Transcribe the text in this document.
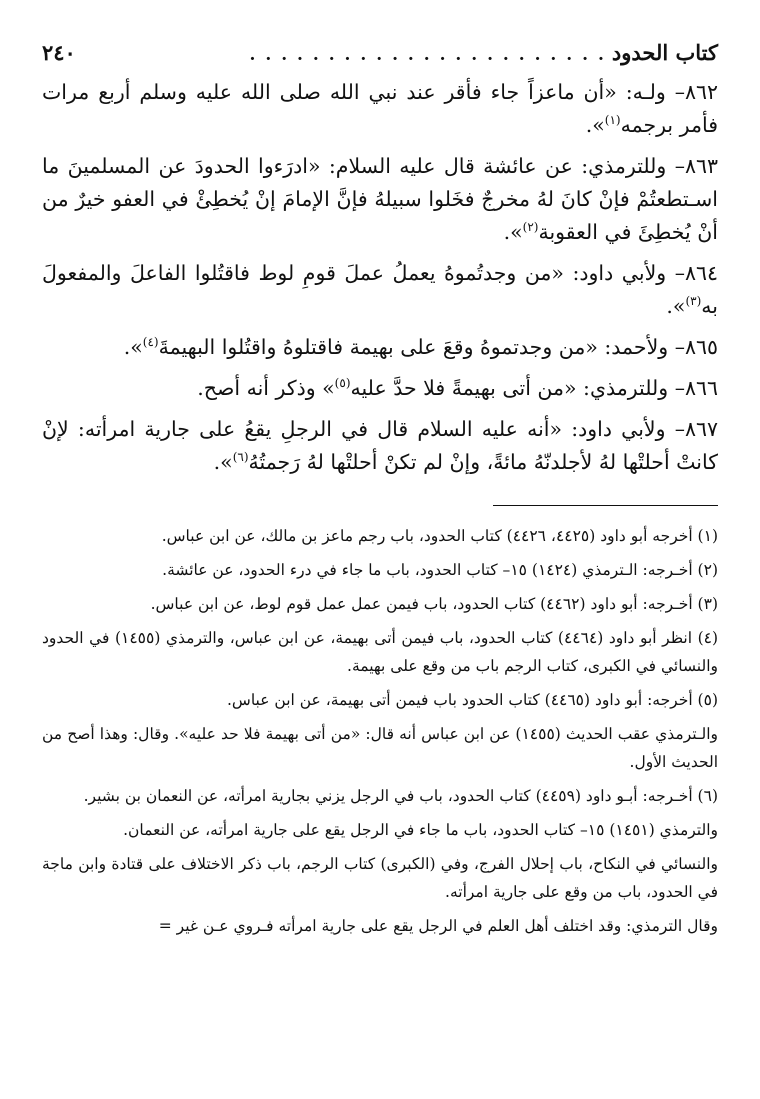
كتاب الحدود
. . . . . . . . . . . . . . . . . . . . . . .
٢٤٠

٨٦٢– ولـه: «أن ماعزاً جاء فأقر عند نبي الله صلى الله عليه وسلم أربع مرات فأمر برجمه$^{(١)}$».

٨٦٣– وللترمذي: عن عائشة قال عليه السلام: «ادرَءوا الحدودَ عن المسلمينَ ما اسـتطعتُمْ فإنْ كانَ لهُ مخرجٌ فخَلوا سبيلهُ فإنَّ الإمامَ إنْ يُخطِئْ في العفو خيرٌ من أنْ يُخطِئَ في العقوبة$^{(٢)}$».

٨٦٤– ولأبي داود: «من وجدتُموهُ يعملُ عملَ قومِ لوط فاقتُلوا الفاعلَ والمفعولَ به$^{(٣)}$».

٨٦٥– ولأحمد: «من وجدتموهُ وقعَ على بهيمة فاقتلوهُ واقتُلوا البهيمةَ$^{(٤)}$».

٨٦٦– وللترمذي: «من أتى بهيمةً فلا حدَّ عليه$^{(٥)}$» وذكر أنه أصح.

٨٦٧– ولأبي داود: «أنه عليه السلام قال في الرجلِ يقعُ على جارية امرأته: لإنْ كانتْ أحلتْها لهُ لأجلدنّهُ مائةً، وإنْ لم تكنْ أحلتْها لهُ رَجمتُهُ$^{(٦)}$».

(١) أخرجه أبو داود (٤٤٢٥، ٤٤٢٦) كتاب الحدود، باب رجم ماعز بن مالك، عن ابن عباس.

(٢) أخـرجه: الـترمذي (١٤٢٤) ١٥– كتاب الحدود، باب ما جاء في درء الحدود، عن عائشة.

(٣) أخـرجه: أبو داود (٤٤٦٢) كتاب الحدود، باب فيمن عمل عمل قوم لوط، عن ابن عباس.

(٤) انظر أبو داود (٤٤٦٤) كتاب الحدود، باب فيمن أتى بهيمة، عن ابن عباس، والترمذي (١٤٥٥) في الحدود والنسائي في الكبرى، كتاب الرجم باب من وقع على بهيمة.

(٥) أخرجه: أبو داود (٤٤٦٥) كتاب الحدود باب فيمن أتى بهيمة، عن ابن عباس.

والـترمذي عقب الحديث (١٤٥٥) عن ابن عباس أنه قال: «من أتى بهيمة فلا حد عليه». وقال: وهذا أصح من الحديث الأول.

(٦) أخـرجه: أبـو داود (٤٤٥٩) كتاب الحدود، باب في الرجل يزني بجارية امرأته، عن النعمان بن بشير.

والترمذي (١٤٥١) ١٥– كتاب الحدود، باب ما جاء في الرجل يقع على جارية امرأته، عن النعمان.

والنسائي في النكاح، باب إحلال الفرج، وفي (الكبرى) كتاب الرجم، باب ذكر الاختلاف على قتادة وابن ماجة في الحدود، باب من وقع على جارية امرأته.

وقال الترمذي: وقد اختلف أهل العلم في الرجل يقع على جارية امرأته فـروي عـن غير =
